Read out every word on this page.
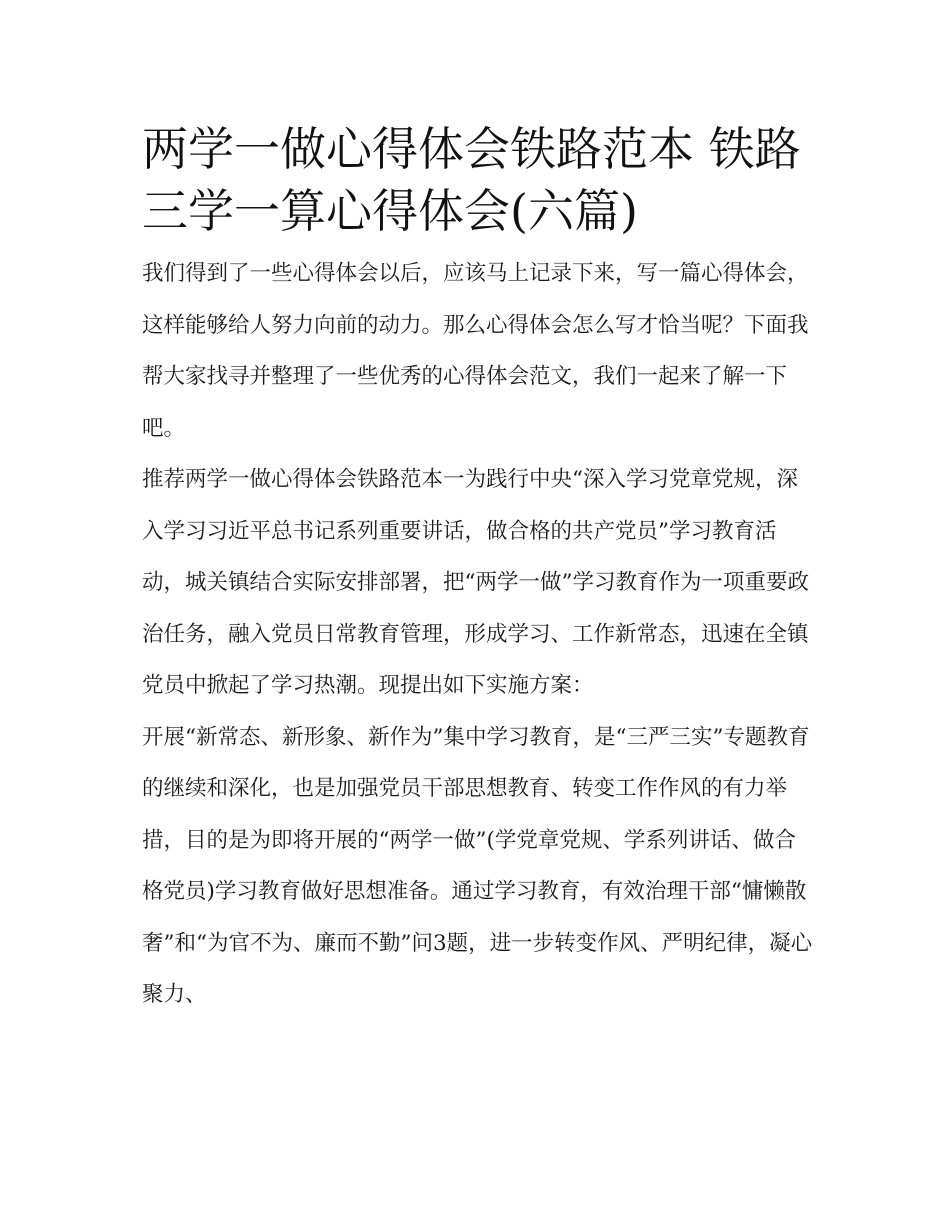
两学一做心得体会铁路范本 铁路三学一算心得体会(六篇)

我们得到了一些心得体会以后，应该马上记录下来，写一篇心得体会，这样能够给人努力向前的动力。那么心得体会怎么写才恰当呢？下面我帮大家找寻并整理了一些优秀的心得体会范文，我们一起来了解一下吧。

推荐两学一做心得体会铁路范本一为践行中央“深入学习党章党规，深入学习习近平总书记系列重要讲话，做合格的共产党员”学习教育活动，城关镇结合实际安排部署，把“两学一做”学习教育作为一项重要政治任务，融入党员日常教育管理，形成学习、工作新常态，迅速在全镇党员中掀起了学习热潮。现提出如下实施方案：

开展“新常态、新形象、新作为”集中学习教育，是“三严三实”专题教育的继续和深化，也是加强党员干部思想教育、转变工作作风的有力举措，目的是为即将开展的“两学一做”(学党章党规、学系列讲话、做合格党员)学习教育做好思想准备。通过学习教育，有效治理干部“慵懒散奢”和“为官不为、廉而不勤”问3题，进一步转变作风、严明纪律，凝心聚力、
